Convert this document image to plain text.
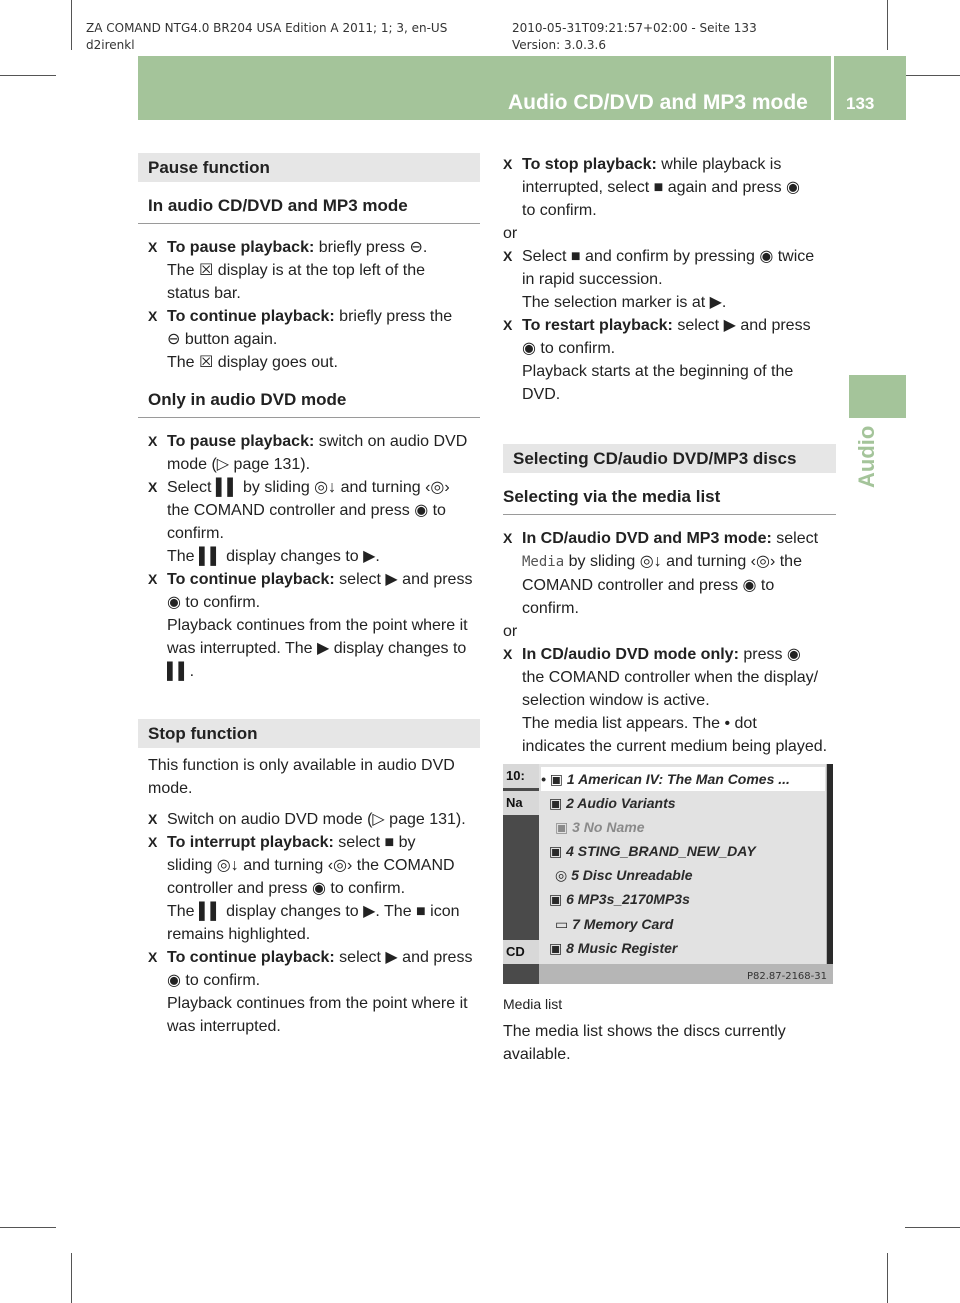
ZA COMAND NTG4.0 BR204 USA Edition A 2011; 1; 3, en-US
d2irenkl
2010-05-31T09:21:57+02:00 - Seite 133
Version: 3.0.3.6
Audio CD/DVD and MP3 mode	133
Audio

Pause function

In audio CD/DVD and MP3 mode

X To pause playback: briefly press ⊖.

The ☒ display is at the top left of the

status bar.

X To continue playback: briefly press the

⊖ button again.

The ☒ display goes out.

Only in audio DVD mode

X To pause playback: switch on audio DVD

mode (▷ page 131).

X Select ▌▌ by sliding ◎↓ and turning ‹◎›

the COMAND controller and press ◉ to

confirm.

The ▌▌ display changes to ▶.

X To continue playback: select ▶ and press

◉ to confirm.

Playback continues from the point where it

was interrupted. The ▶ display changes to

▌▌.

Stop function

This function is only available in audio DVD

mode.

X Switch on audio DVD mode (▷ page 131).

X To interrupt playback: select ■ by

sliding ◎↓ and turning ‹◎› the COMAND

controller and press ◉ to confirm.

The ▌▌ display changes to ▶. The ■ icon

remains highlighted.

X To continue playback: select ▶ and press

◉ to confirm.

Playback continues from the point where it

was interrupted.

X To stop playback: while playback is

interrupted, select ■ again and press ◉

to confirm.

or

X Select ■ and confirm by pressing ◉ twice

in rapid succession.

The selection marker is at ▶.

X To restart playback: select ▶ and press

◉ to confirm.

Playback starts at the beginning of the

DVD.

Selecting CD/audio DVD/MP3 discs

Selecting via the media list

X In CD/audio DVD and MP3 mode: select

Media by sliding ◎↓ and turning ‹◎› the

COMAND controller and press ◉ to

confirm.

or

X In CD/audio DVD mode only: press ◉

the COMAND controller when the display/

selection window is active.

The media list appears. The • dot

indicates the current medium being played.

10:
Na
CD
• ▣ 1 American IV: The Man Comes ...
▣ 2 Audio Variants
▣ 3 No Name
▣ 4 STING_BRAND_NEW_DAY
◎ 5 Disc Unreadable
▣ 6 MP3s_2170MP3s
▭ 7 Memory Card
▣ 8 Music Register
P82.87-2168-31
Media list
The media list shows the discs currently available.
